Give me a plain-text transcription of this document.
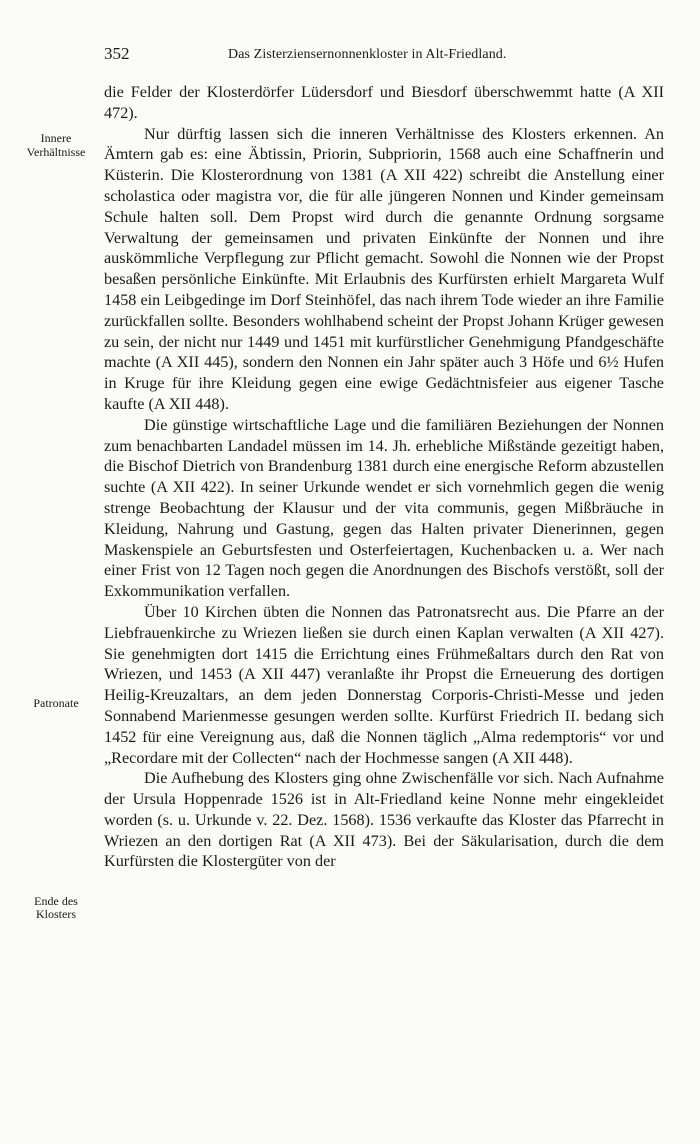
352	Das Zisterziensernonnenkloster in Alt-Friedland.
Innere
Verhältnisse
Patronate
Ende des
Klosters

die Felder der Klosterdörfer Lüdersdorf und Biesdorf überschwemmt hatte (A XII 472).

Nur dürftig lassen sich die inneren Verhältnisse des Klosters erkennen. An Ämtern gab es: eine Äbtissin, Priorin, Subpriorin, 1568 auch eine Schaffnerin und Küsterin. Die Klosterordnung von 1381 (A XII 422) schreibt die Anstellung einer scholastica oder magistra vor, die für alle jüngeren Nonnen und Kinder gemeinsam Schule halten soll. Dem Propst wird durch die genannte Ordnung sorgsame Verwaltung der gemeinsamen und privaten Einkünfte der Nonnen und ihre auskömmliche Verpflegung zur Pflicht gemacht. Sowohl die Nonnen wie der Propst besaßen persönliche Einkünfte. Mit Erlaubnis des Kurfürsten erhielt Margareta Wulf 1458 ein Leibgedinge im Dorf Steinhöfel, das nach ihrem Tode wieder an ihre Familie zurückfallen sollte. Besonders wohlhabend scheint der Propst Johann Krüger gewesen zu sein, der nicht nur 1449 und 1451 mit kurfürstlicher Genehmigung Pfandgeschäfte machte (A XII 445), sondern den Nonnen ein Jahr später auch 3 Höfe und 6½ Hufen in Kruge für ihre Kleidung gegen eine ewige Gedächtnisfeier aus eigener Tasche kaufte (A XII 448).

Die günstige wirtschaftliche Lage und die familiären Beziehungen der Nonnen zum benachbarten Landadel müssen im 14. Jh. erhebliche Mißstände gezeitigt haben, die Bischof Dietrich von Brandenburg 1381 durch eine energische Reform abzustellen suchte (A XII 422). In seiner Urkunde wendet er sich vornehmlich gegen die wenig strenge Beobachtung der Klausur und der vita communis, gegen Mißbräuche in Kleidung, Nahrung und Gastung, gegen das Halten privater Dienerinnen, gegen Maskenspiele an Geburtsfesten und Osterfeiertagen, Kuchenbacken u. a. Wer nach einer Frist von 12 Tagen noch gegen die Anordnungen des Bischofs verstößt, soll der Exkommunikation verfallen.

Über 10 Kirchen übten die Nonnen das Patronatsrecht aus. Die Pfarre an der Liebfrauenkirche zu Wriezen ließen sie durch einen Kaplan verwalten (A XII 427). Sie genehmigten dort 1415 die Errichtung eines Frühmeßaltars durch den Rat von Wriezen, und 1453 (A XII 447) veranlaßte ihr Propst die Erneuerung des dortigen Heilig-Kreuzaltars, an dem jeden Donnerstag Corporis-Christi-Messe und jeden Sonnabend Marienmesse gesungen werden sollte. Kurfürst Friedrich II. bedang sich 1452 für eine Vereignung aus, daß die Nonnen täglich „Alma redemptoris“ vor und „Recordare mit der Collecten“ nach der Hochmesse sangen (A XII 448).

Die Aufhebung des Klosters ging ohne Zwischenfälle vor sich. Nach Aufnahme der Ursula Hoppenrade 1526 ist in Alt-Friedland keine Nonne mehr eingekleidet worden (s. u. Urkunde v. 22. Dez. 1568). 1536 verkaufte das Kloster das Pfarrecht in Wriezen an den dortigen Rat (A XII 473). Bei der Säkularisation, durch die dem Kurfürsten die Klostergüter von der
